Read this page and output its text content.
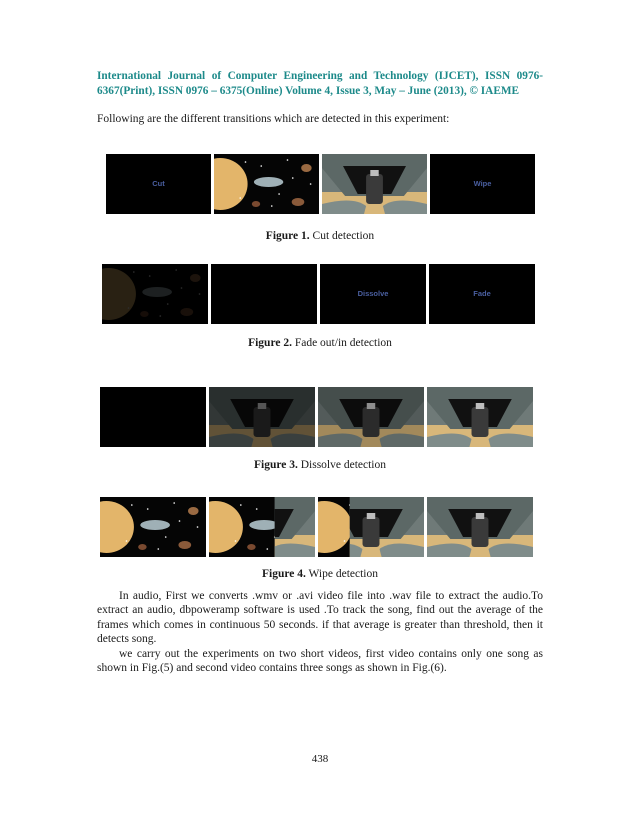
International Journal of Computer Engineering and Technology (IJCET), ISSN 0976-6367(Print), ISSN 0976 – 6375(Online) Volume 4, Issue 3, May – June (2013), © IAEME
Following are the different transitions which are detected in this experiment:
Cut	Wipe
Figure 1. Cut detection
Dissolve	Fade
Figure 2. Fade out/in detection
Figure 3. Dissolve detection
Figure 4. Wipe detection

In audio, First we converts .wmv or .avi video file into .wav file to extract the audio.To extract an audio, dbpoweramp software is used .To track the song, find out the average of the frames which comes in continuous 50 seconds. if that average is greater than threshold, then it detects song.

we carry out the experiments on two short videos, first video contains only one song as shown in Fig.(5) and second video contains three songs as shown in Fig.(6).

438
